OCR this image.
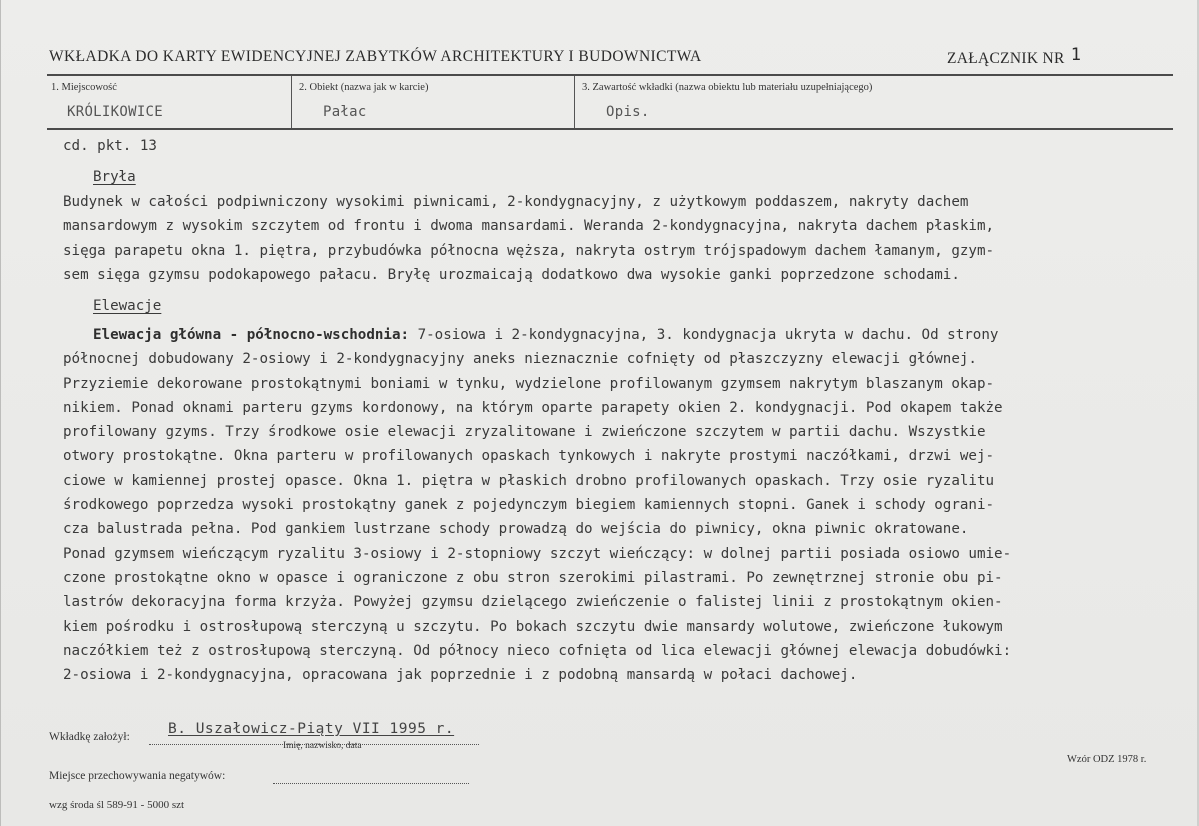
WKŁADKA DO KARTY EWIDENCYJNEJ ZABYTKÓW ARCHITEKTURY I BUDOWNICTWA	ZAŁĄCZNIK NR 1
1. Miejscowość
KRÓLIKOWICE
2. Obiekt (nazwa jak w karcie)
Pałac
3. Zawartość wkładki (nazwa obiektu lub materiału uzupełniającego)
Opis.
cd. pkt. 13
Bryła

Budynek w całości podpiwniczony wysokimi piwnicami, 2-kondygnacyjny, z użytkowym poddaszem, nakryty dachem
mansardowym z wysokim szczytem od frontu i dwoma mansardami. Weranda 2-kondygnacyjna, nakryta dachem płaskim,
sięga parapetu okna 1. piętra, przybudówka północna węższa, nakryta ostrym trójspadowym dachem łamanym, gzym-
sem sięga gzymsu podokapowego pałacu. Bryłę urozmaicają dodatkowo dwa wysokie ganki poprzedzone schodami.

Elewacje

Elewacja główna - północno-wschodnia: 7-osiowa i 2-kondygnacyjna, 3. kondygnacja ukryta w dachu. Od strony
północnej dobudowany 2-osiowy i 2-kondygnacyjny aneks nieznacznie cofnięty od płaszczyzny elewacji głównej.
Przyziemie dekorowane prostokątnymi boniami w tynku, wydzielone profilowanym gzymsem nakrytym blaszanym okap-
nikiem. Ponad oknami parteru gzyms kordonowy, na którym oparte parapety okien 2. kondygnacji. Pod okapem także
profilowany gzyms. Trzy środkowe osie elewacji zryzalitowane i zwieńczone szczytem w partii dachu. Wszystkie
otwory prostokątne. Okna parteru w profilowanych opaskach tynkowych i nakryte prostymi naczółkami, drzwi wej-
ciowe w kamiennej prostej opasce. Okna 1. piętra w płaskich drobno profilowanych opaskach. Trzy osie ryzalitu
środkowego poprzedza wysoki prostokątny ganek z pojedynczym biegiem kamiennych stopni. Ganek i schody ograni-
cza balustrada pełna. Pod gankiem lustrzane schody prowadzą do wejścia do piwnicy, okna piwnic okratowane.
Ponad gzymsem wieńczącym ryzalitu 3-osiowy i 2-stopniowy szczyt wieńczący: w dolnej partii posiada osiowo umie-
czone prostokątne okno w opasce i ograniczone z obu stron szerokimi pilastrami. Po zewnętrznej stronie obu pi-
lastrów dekoracyjna forma krzyża. Powyżej gzymsu dzielącego zwieńczenie o falistej linii z prostokątnym okien-
kiem pośrodku i ostrosłupową sterczyną u szczytu. Po bokach szczytu dwie mansardy wolutowe, zwieńczone łukowym
naczółkiem też z ostrosłupową sterczyną. Od północy nieco cofnięta od lica elewacji głównej elewacja dobudówki:
2-osiowa i 2-kondygnacyjna, opracowana jak poprzednie i z podobną mansardą w połaci dachowej.

Wkładkę założył:	B. Uszałowicz-Piąty VII 1995 r.
Imię, nazwisko, data
Wzór ODZ 1978 r.
Miejsce przechowywania negatywów:
wzg środa śl 589-91 - 5000 szt
